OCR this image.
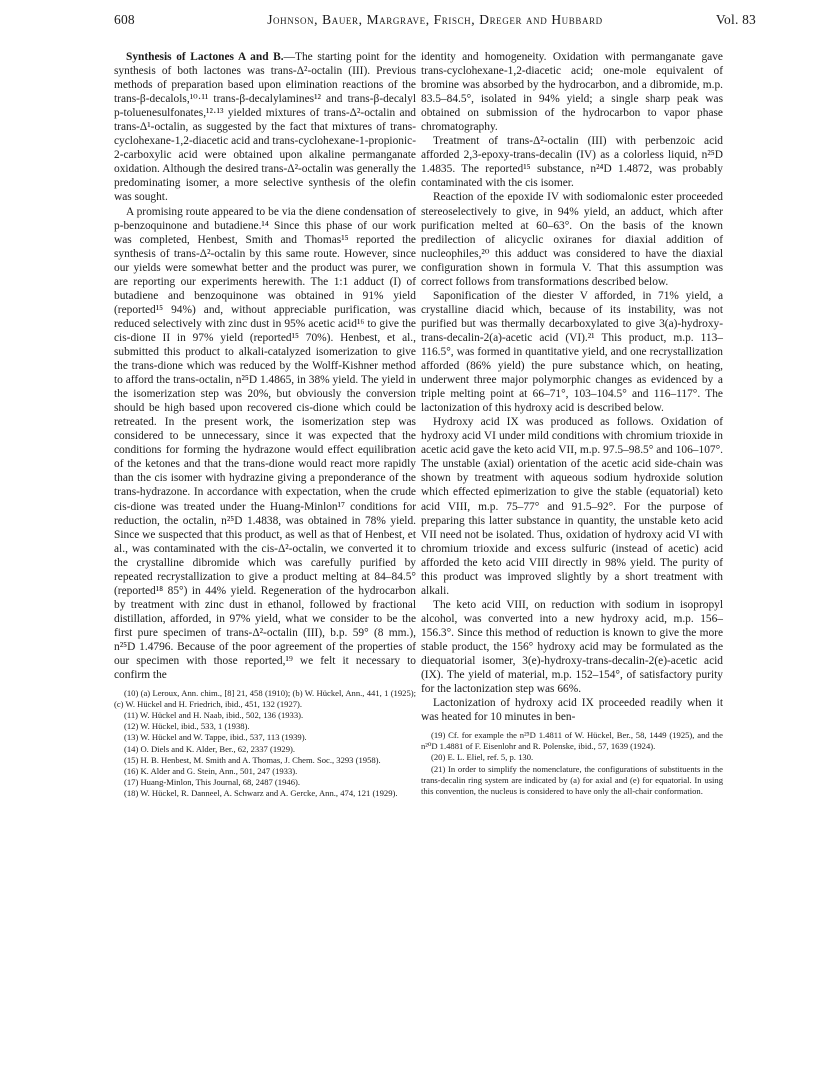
608	Johnson, Bauer, Margrave, Frisch, Dreger and Hubbard	Vol. 83

Synthesis of Lactones A and B.—The starting point for the synthesis of both lactones was trans-Δ²-octalin (III). Previous methods of preparation based upon elimination reactions of the trans-β-decalols,¹⁰·¹¹ trans-β-decalylamines¹² and trans-β-decalyl p-toluenesulfonates,¹²·¹³ yielded mixtures of trans-Δ²-octalin and trans-Δ¹-octalin, as suggested by the fact that mixtures of trans-cyclohexane-1,2-diacetic acid and trans-cyclohexane-1-propionic-2-carboxylic acid were obtained upon alkaline permanganate oxidation. Although the desired trans-Δ²-octalin was generally the predominating isomer, a more selective synthesis of the olefin was sought.

A promising route appeared to be via the diene condensation of p-benzoquinone and butadiene.¹⁴ Since this phase of our work was completed, Henbest, Smith and Thomas¹⁵ reported the synthesis of trans-Δ²-octalin by this same route. However, since our yields were somewhat better and the product was purer, we are reporting our experiments herewith. The 1:1 adduct (I) of butadiene and benzoquinone was obtained in 91% yield (reported¹⁵ 94%) and, without appreciable purification, was reduced selectively with zinc dust in 95% acetic acid¹⁶ to give the cis-dione II in 97% yield (reported¹⁵ 70%). Henbest, et al., submitted this product to alkali-catalyzed isomerization to give the trans-dione which was reduced by the Wolff-Kishner method to afford the trans-octalin, n²⁵D 1.4865, in 38% yield. The yield in the isomerization step was 20%, but obviously the conversion should be high based upon recovered cis-dione which could be retreated. In the present work, the isomerization step was considered to be unnecessary, since it was expected that the conditions for forming the hydrazone would effect equilibration of the ketones and that the trans-dione would react more rapidly than the cis isomer with hydrazine giving a preponderance of the trans-hydrazone. In accordance with expectation, when the crude cis-dione was treated under the Huang-Minlon¹⁷ conditions for reduction, the octalin, n²⁵D 1.4838, was obtained in 78% yield. Since we suspected that this product, as well as that of Henbest, et al., was contaminated with the cis-Δ²-octalin, we converted it to the crystalline dibromide which was carefully purified by repeated recrystallization to give a product melting at 84–84.5° (reported¹⁸ 85°) in 44% yield. Regeneration of the hydrocarbon by treatment with zinc dust in ethanol, followed by fractional distillation, afforded, in 97% yield, what we consider to be the first pure specimen of trans-Δ²-octalin (III), b.p. 59° (8 mm.), n²⁵D 1.4796. Because of the poor agreement of the properties of our specimen with those reported,¹⁹ we felt it necessary to confirm the

(10) (a) Leroux, Ann. chim., [8] 21, 458 (1910); (b) W. Hückel, Ann., 441, 1 (1925); (c) W. Hückel and H. Friedrich, ibid., 451, 132 (1927).

(11) W. Hückel and H. Naab, ibid., 502, 136 (1933).

(12) W. Hückel, ibid., 533, 1 (1938).

(13) W. Hückel and W. Tappe, ibid., 537, 113 (1939).

(14) O. Diels and K. Alder, Ber., 62, 2337 (1929).

(15) H. B. Henbest, M. Smith and A. Thomas, J. Chem. Soc., 3293 (1958).

(16) K. Alder and G. Stein, Ann., 501, 247 (1933).

(17) Huang-Minlon, This Journal, 68, 2487 (1946).

(18) W. Hückel, R. Danneel, A. Schwarz and A. Gercke, Ann., 474, 121 (1929).

identity and homogeneity. Oxidation with permanganate gave trans-cyclohexane-1,2-diacetic acid; one-mole equivalent of bromine was absorbed by the hydrocarbon, and a dibromide, m.p. 83.5–84.5°, isolated in 94% yield; a single sharp peak was obtained on submission of the hydrocarbon to vapor phase chromatography.

Treatment of trans-Δ²-octalin (III) with perbenzoic acid afforded 2,3-epoxy-trans-decalin (IV) as a colorless liquid, n²⁵D 1.4835. The reported¹⁵ substance, n²⁴D 1.4872, was probably contaminated with the cis isomer.

Reaction of the epoxide IV with sodiomalonic ester proceeded stereoselectively to give, in 94% yield, an adduct, which after purification melted at 60–63°. On the basis of the known predilection of alicyclic oxiranes for diaxial addition of nucleophiles,²⁰ this adduct was considered to have the diaxial configuration shown in formula V. That this assumption was correct follows from transformations described below.

Saponification of the diester V afforded, in 71% yield, a crystalline diacid which, because of its instability, was not purified but was thermally decarboxylated to give 3(a)-hydroxy-trans-decalin-2(a)-acetic acid (VI).²¹ This product, m.p. 113–116.5°, was formed in quantitative yield, and one recrystallization afforded (86% yield) the pure substance which, on heating, underwent three major polymorphic changes as evidenced by a triple melting point at 66–71°, 103–104.5° and 116–117°. The lactonization of this hydroxy acid is described below.

Hydroxy acid IX was produced as follows. Oxidation of hydroxy acid VI under mild conditions with chromium trioxide in acetic acid gave the keto acid VII, m.p. 97.5–98.5° and 106–107°. The unstable (axial) orientation of the acetic acid side-chain was shown by treatment with aqueous sodium hydroxide solution which effected epimerization to give the stable (equatorial) keto acid VIII, m.p. 75–77° and 91.5–92°. For the purpose of preparing this latter substance in quantity, the unstable keto acid VII need not be isolated. Thus, oxidation of hydroxy acid VI with chromium trioxide and excess sulfuric (instead of acetic) acid afforded the keto acid VIII directly in 98% yield. The purity of this product was improved slightly by a short treatment with alkali.

The keto acid VIII, on reduction with sodium in isopropyl alcohol, was converted into a new hydroxy acid, m.p. 156–156.3°. Since this method of reduction is known to give the more stable product, the 156° hydroxy acid may be formulated as the diequatorial isomer, 3(e)-hydroxy-trans-decalin-2(e)-acetic acid (IX). The yield of material, m.p. 152–154°, of satisfactory purity for the lactonization step was 66%.

Lactonization of hydroxy acid IX proceeded readily when it was heated for 10 minutes in ben-

(19) Cf. for example the n²⁵D 1.4811 of W. Hückel, Ber., 58, 1449 (1925), and the n²⁰D 1.4881 of F. Eisenlohr and R. Polenske, ibid., 57, 1639 (1924).

(20) E. L. Eliel, ref. 5, p. 130.

(21) In order to simplify the nomenclature, the configurations of substituents in the trans-decalin ring system are indicated by (a) for axial and (e) for equatorial. In using this convention, the nucleus is considered to have only the all-chair conformation.
